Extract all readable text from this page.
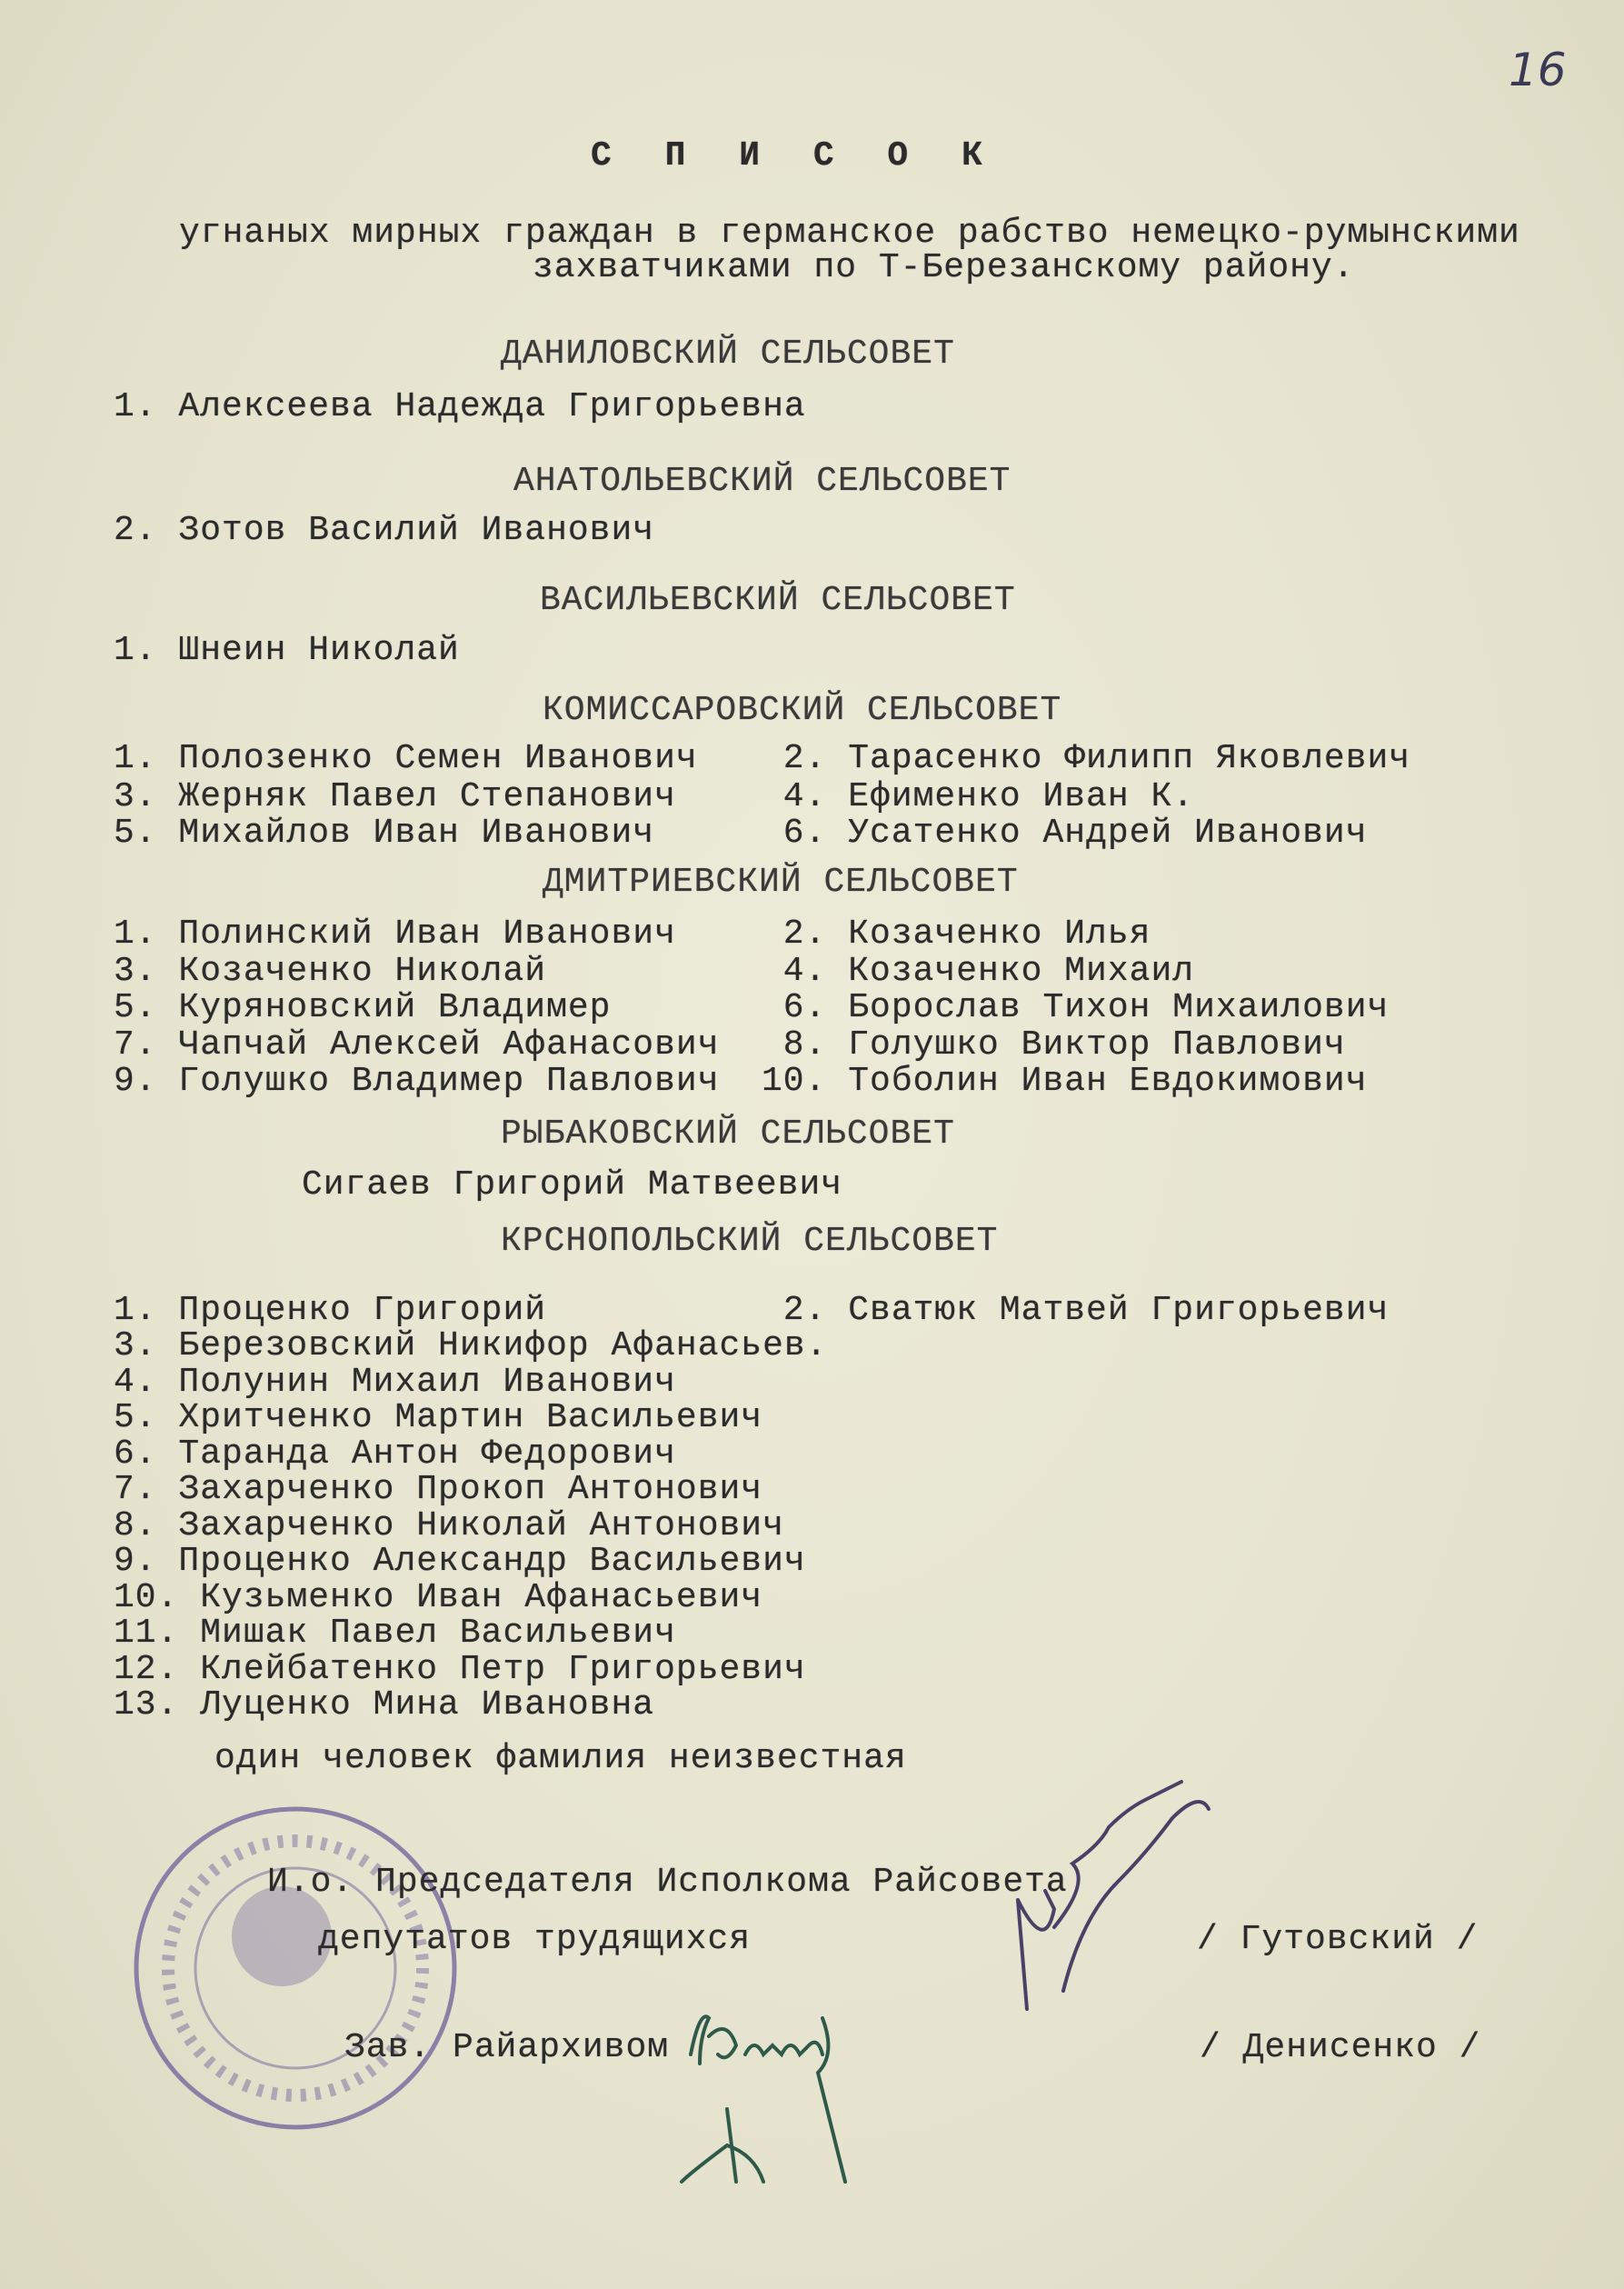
16
С П И С О К
угнаных мирных граждан в германское рабство немецко-румынскими
захватчиками по Т-Березанскому району.
ДАНИЛОВСКИЙ СЕЛЬСОВЕТ
1. Алексеева Надежда Григорьевна
АНАТОЛЬЕВСКИЙ СЕЛЬСОВЕТ
2. Зотов Василий Иванович
ВАСИЛЬЕВСКИЙ СЕЛЬСОВЕТ
1. Шнеин Николай
КОМИССАРОВСКИЙ СЕЛЬСОВЕТ
1. Полозенко Семен Иванович 2. Тарасенко Филипп Яковлевич
3. Жерняк Павел Степанович 4. Ефименко Иван К.
5. Михайлов Иван Иванович	6. Усатенко Андрей Иванович
ДМИТРИЕВСКИЙ СЕЛЬСОВЕТ
1. Полинский Иван Иванович 2. Козаченко Илья
3. Козаченко Николай	4. Козаченко Михаил
5. Куряновский Владимер	6. Борослав Тихон Михаилович
7. Чапчай Алексей Афанасович 8. Голушко Виктор Павлович
9. Голушко Владимер Павлович 10. Тоболин Иван Евдокимович
РЫБАКОВСКИЙ СЕЛЬСОВЕТ
Сигаев Григорий Матвеевич
КРСНОПОЛЬСКИЙ СЕЛЬСОВЕТ
1. Проценко Григорий	2. Сватюк Матвей Григорьевич
3. Березовский Никифор Афанасьев.
4. Полунин Михаил Иванович
5. Хритченко Мартин Васильевич
6. Таранда Антон Федорович
7. Захарченко Прокоп Антонович
8. Захарченко Николай Антонович
9. Проценко Александр Васильевич
10. Кузьменко Иван Афанасьевич
11. Мишак Павел Васильевич
12. Клейбатенко Петр Григорьевич
13. Луценко Мина Ивановна
один человек фамилия неизвестная
И.о. Председателя Исполкома Райсовета
депутатов трудящихся	/ Гутовский /
Зав. Райархивом	/ Денисенко /
